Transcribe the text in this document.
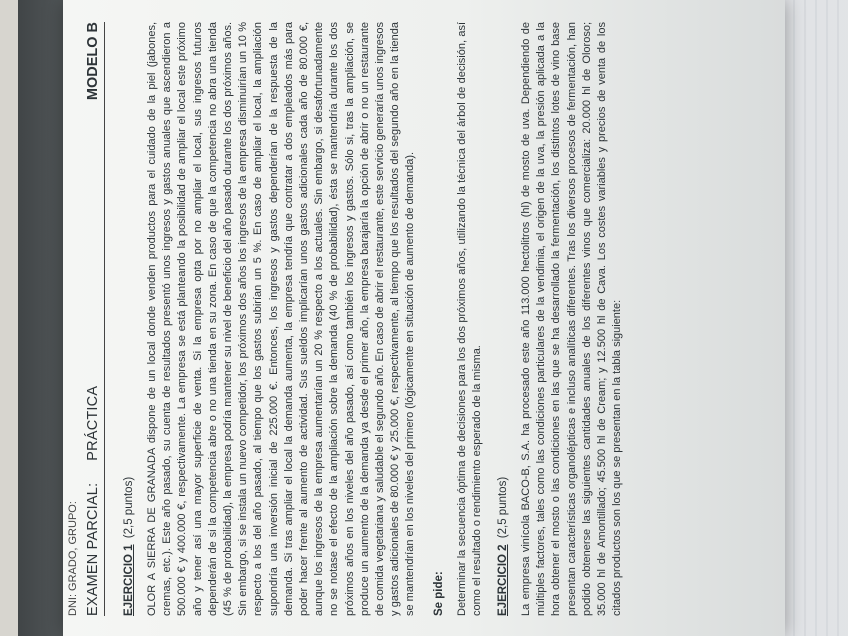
DNI: GRADO, GRUPO: EXAMEN PARCIAL:PRÁCTICA
MODELO B
EJERCICIO 1 (2,5 puntos) OLOR A SIERRA DE GRANADA dispone de un local donde venden productos para el cuidado de la piel (jabones, cremas, etc.). Este año pasado, su cuenta de resultados presentó unos ingresos y gastos anuales que ascendieron a 500.000 € y 400.000 €, respectivamente. La empresa se está planteando la posibilidad de ampliar el local este próximo año y tener así una mayor superficie de venta. Si la empresa opta por no ampliar el local, sus ingresos futuros dependerán de si la competencia abre o no una tienda en su zona. En caso de que la competencia no abra una tienda (45 % de probabilidad), la empresa podría mantener su nivel de beneficio del año pasado durante los dos próximos años. Sin embargo, si se instala un nuevo competidor, los próximos dos años los ingresos de la empresa disminuirían un 10 % respecto a los del año pasado, al tiempo que los gastos subirían un 5 %. En caso de ampliar el local, la ampliación supondría una inversión inicial de 225.000 €. Entonces, los ingresos y gastos dependerían de la respuesta de la demanda. Si tras ampliar el local la demanda aumenta, la empresa tendría que contratar a dos empleados más para poder hacer frente al aumento de actividad. Sus sueldos implicarían unos gastos adicionales cada año de 80.000 €, aunque los ingresos de la empresa aumentarían un 20 % respecto a los actuales. Sin embargo, si desafortunadamente no se notase el efecto de la ampliación sobre la demanda (40 % de probabilidad), ésta se mantendría durante los dos próximos años en los niveles del año pasado, así como también los ingresos y gastos. Sólo si, tras la ampliación, se produce un aumento de la demanda ya desde el primer año, la empresa barajaría la opción de abrir o no un restaurante de comida vegetariana y saludable el segundo año. En caso de abrir el restaurante, este servicio generaría unos ingresos y gastos adicionales de 80.000 € y 25.000 €, respectivamente, al tiempo que los resultados del segundo año en la tienda se mantendrían en los niveles del primero (lógicamente en situación de aumento de demanda). Se pide: Determinar la secuencia óptima de decisiones para los dos próximos años, utilizando la técnica del árbol de decisión, así como el resultado o rendimiento esperado de la misma. EJERCICIO 2 (2,5 puntos) La empresa vinícola BACO-B, S.A. ha procesado este año 113.000 hectolitros (hl) de mosto de uva. Dependiendo de múltiples factores, tales como las condiciones particulares de la vendimia, el origen de la uva, la presión aplicada a la hora obtener el mosto o las condiciones en las que se ha desarrollado la fermentación, los distintos lotes de vino base presentan características organolépticas e incluso analíticas diferentes. Tras los diversos procesos de fermentación, han podido obtenerse las siguientes cantidades anuales de los diferentes vinos que comercializa: 20.000 hl de Oloroso; 35.000 hl de Amontillado; 45.500 hl de Cream; y 12.500 hl de Cava. Los costes variables y precios de venta de los citados productos son los que se presentan en la tabla siguiente:
